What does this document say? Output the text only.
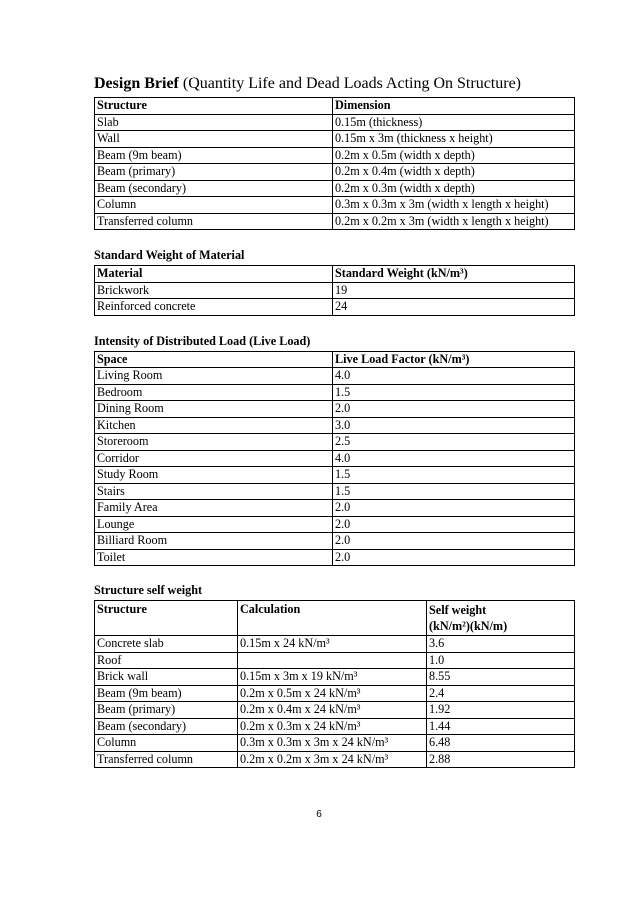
Design Brief (Quantity Life and Dead Loads Acting On Structure)
Structure	Dimension
Slab	0.15m (thickness)
Wall	0.15m x 3m (thickness x height)
Beam (9m beam)	0.2m x 0.5m (width x depth)
Beam (primary)	0.2m x 0.4m (width x depth)
Beam (secondary)	0.2m x 0.3m (width x depth)
Column	0.3m x 0.3m x 3m (width x length x height)
Transferred column	0.2m x 0.2m x 3m (width x length x height)
Standard Weight of Material
Material	Standard Weight (kN/m³)
Brickwork	19
Reinforced concrete	24
Intensity of Distributed Load (Live Load)
Space	Live Load Factor (kN/m³)
Living Room	4.0
Bedroom	1.5
Dining Room	2.0
Kitchen	3.0
Storeroom	2.5
Corridor	4.0
Study Room	1.5
Stairs	1.5
Family Area	2.0
Lounge	2.0
Billiard Room	2.0
Toilet	2.0
Structure self weight
Structure	Calculation	Self weight
(kN/m²)(kN/m)

Concrete slab	0.15m x 24 kN/m³	3.6
Roof		1.0
Brick wall	0.15m x 3m x 19 kN/m³	8.55
Beam (9m beam)	0.2m x 0.5m x 24 kN/m³	2.4
Beam (primary)	0.2m x 0.4m x 24 kN/m³	1.92
Beam (secondary)	0.2m x 0.3m x 24 kN/m³	1.44
Column	0.3m x 0.3m x 3m x 24 kN/m³	6.48
Transferred column	0.2m x 0.2m x 3m x 24 kN/m³	2.88
6
